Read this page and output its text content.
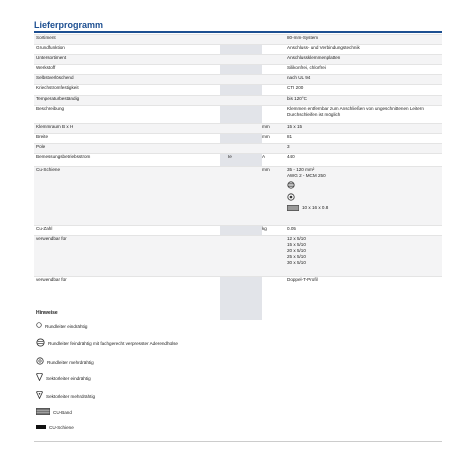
Lieferprogramm
Sortiment	80-mm-System
Grundfunktion	Anschluss- und Verbindungstechnik
Untersortiment	Anschlussklemmenplatten
Werkstoff	Silikonfrei, chlorfrei
Selbstverlöschend	nach UL 94
Kriechstromfestigkeit	CTI 200
Temperaturbeständig	bis 120°C
Beschreibung	Klemmen entfernbar zum Anschließen von ungeschnittenen Leitern
Durchschleifen ist möglich
Klemmraum B x H	mm	15 x 15
Breite	mm	81
Pole	3
Bemessungsbetriebsstrom	Ie	A	440
Cu-Schiene	mm	35 - 120 mm²
AWG 2 - MCM 250
10 x 16 x 0.8
Cu-Zahl	kg	0.05
verwendbar für	12 x 5/10
15 x 5/10
20 x 5/10
25 x 5/10
30 x 5/10
verwendbar für	Doppel-T-Profil
Hinweise
Rundleiter eindrähtig
Rundleiter feindrähtig mit fachgerecht verpresster Aderendhülse
Rundleiter mehrdrähtig
Sektorleiter eindrähtig
Sektorleiter mehrdrähtig
CU-Band
CU-Schiene
